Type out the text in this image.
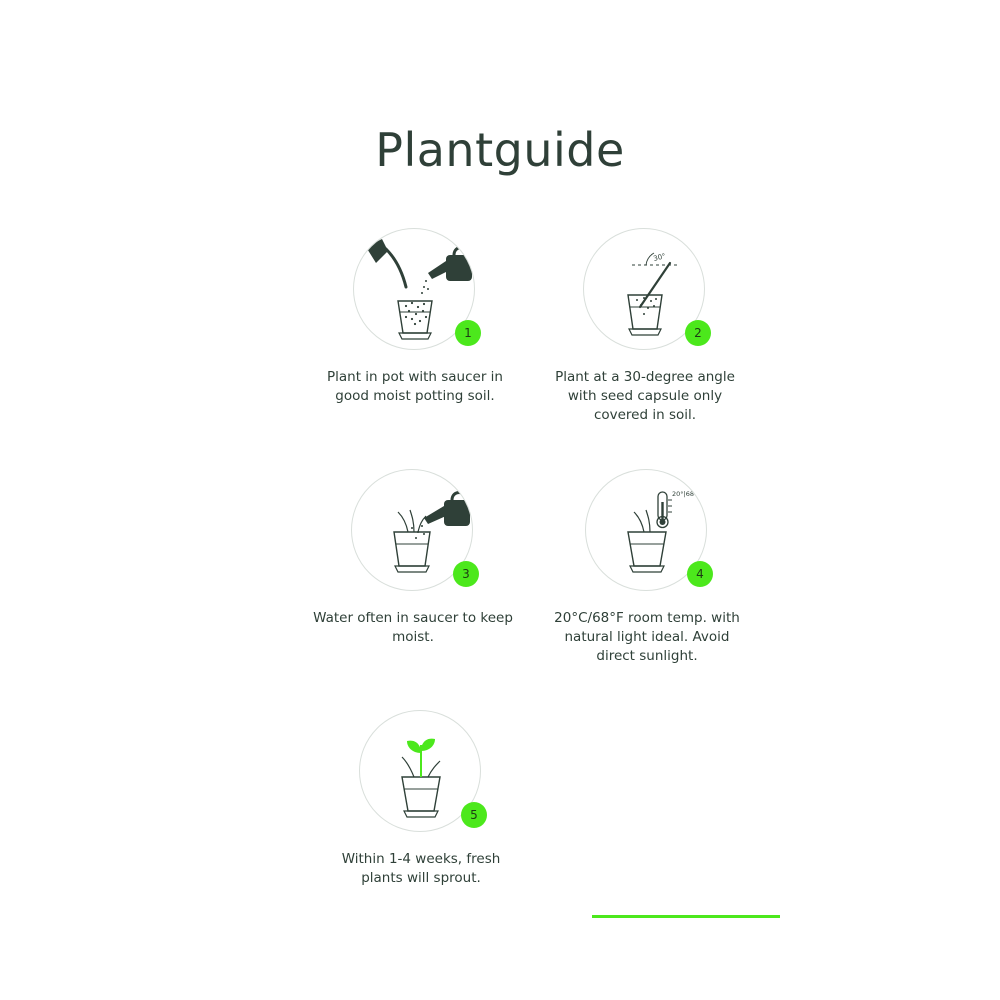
Plantguide
1
Plant in pot with saucer in good moist potting soil.
30°
2
Plant at a 30-degree angle with seed capsule only covered in soil.
3
Water often in saucer to keep moist.
20°|68°|
4
20°C/68°F room temp. with natural light ideal. Avoid direct sunlight.
5
Within 1-4 weeks, fresh plants will sprout.
